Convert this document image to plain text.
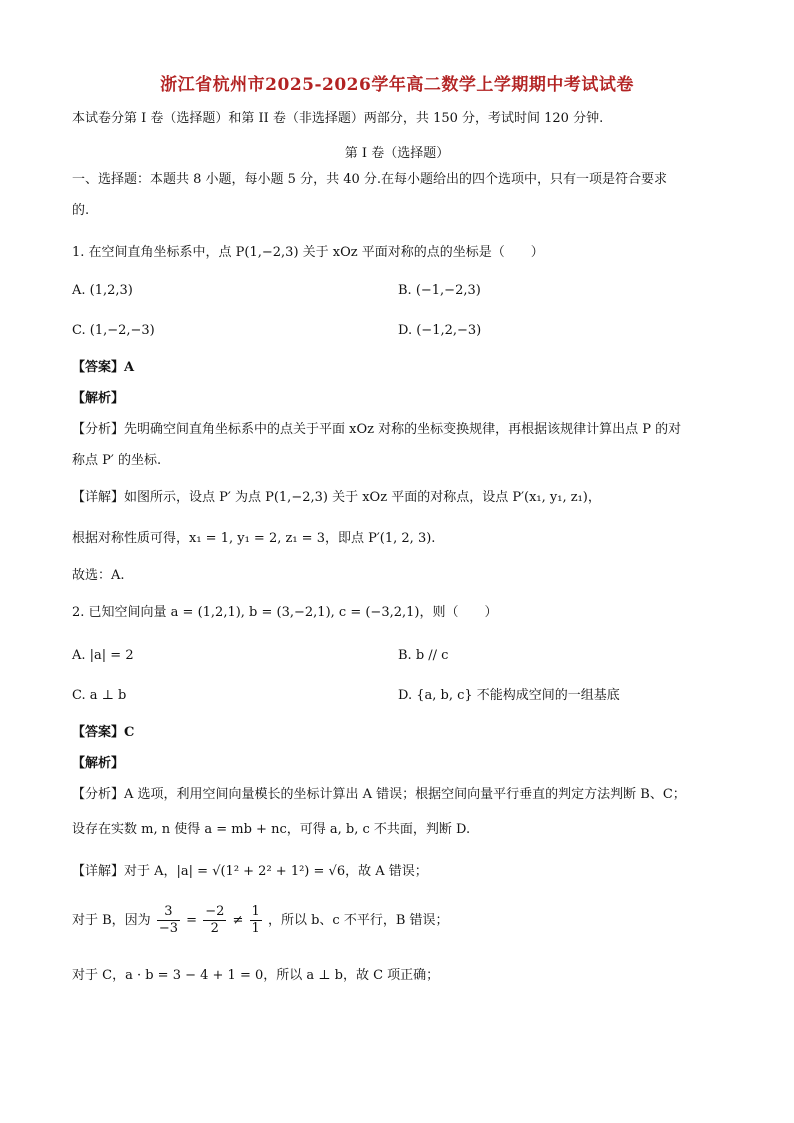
浙江省杭州市2025-2026学年高二数学上学期期中考试试卷
本试卷分第 I 卷（选择题）和第 II 卷（非选择题）两部分，共 150 分，考试时间 120 分钟.
第 I 卷（选择题）
一、选择题：本题共 8 小题，每小题 5 分，共 40 分.在每小题给出的四个选项中，只有一项是符合要求
的.
1. 在空间直角坐标系中，点 P(1,−2,3) 关于 xOz 平面对称的点的坐标是（　　）
A. (1,2,3)	B. (−1,−2,3)
C. (1,−2,−3)	D. (−1,2,−3)
【答案】A
【解析】
【分析】先明确空间直角坐标系中的点关于平面 xOz 对称的坐标变换规律，再根据该规律计算出点 P 的对
称点 P′ 的坐标.
【详解】如图所示，设点 P′ 为点 P(1,−2,3) 关于 xOz 平面的对称点，设点 P′(x₁, y₁, z₁)，
根据对称性质可得，x₁ = 1, y₁ = 2, z₁ = 3，即点 P′(1, 2, 3).
故选：A.
2. 已知空间向量 a = (1,2,1), b = (3,−2,1), c = (−3,2,1)，则（　　）
A. |a| = 2	B. b // c
C. a ⊥ b	D. {a, b, c} 不能构成空间的一组基底
【答案】C
【解析】
【分析】A 选项，利用空间向量模长的坐标计算出 A 错误；根据空间向量平行垂直的判定方法判断 B、C；
设存在实数 m, n 使得 a = mb + nc，可得 a, b, c 不共面，判断 D.
【详解】对于 A，|a| = √(1² + 2² + 1²) = √6，故 A 错误；
对于 B，因为 $\frac{3}{-3} = \frac{-2}{2} \ne \frac{1}{1}$ ，所以 b、c 不平行，B 错误；
对于 C，a · b = 3 − 4 + 1 = 0，所以 a ⊥ b，故 C 项正确；
